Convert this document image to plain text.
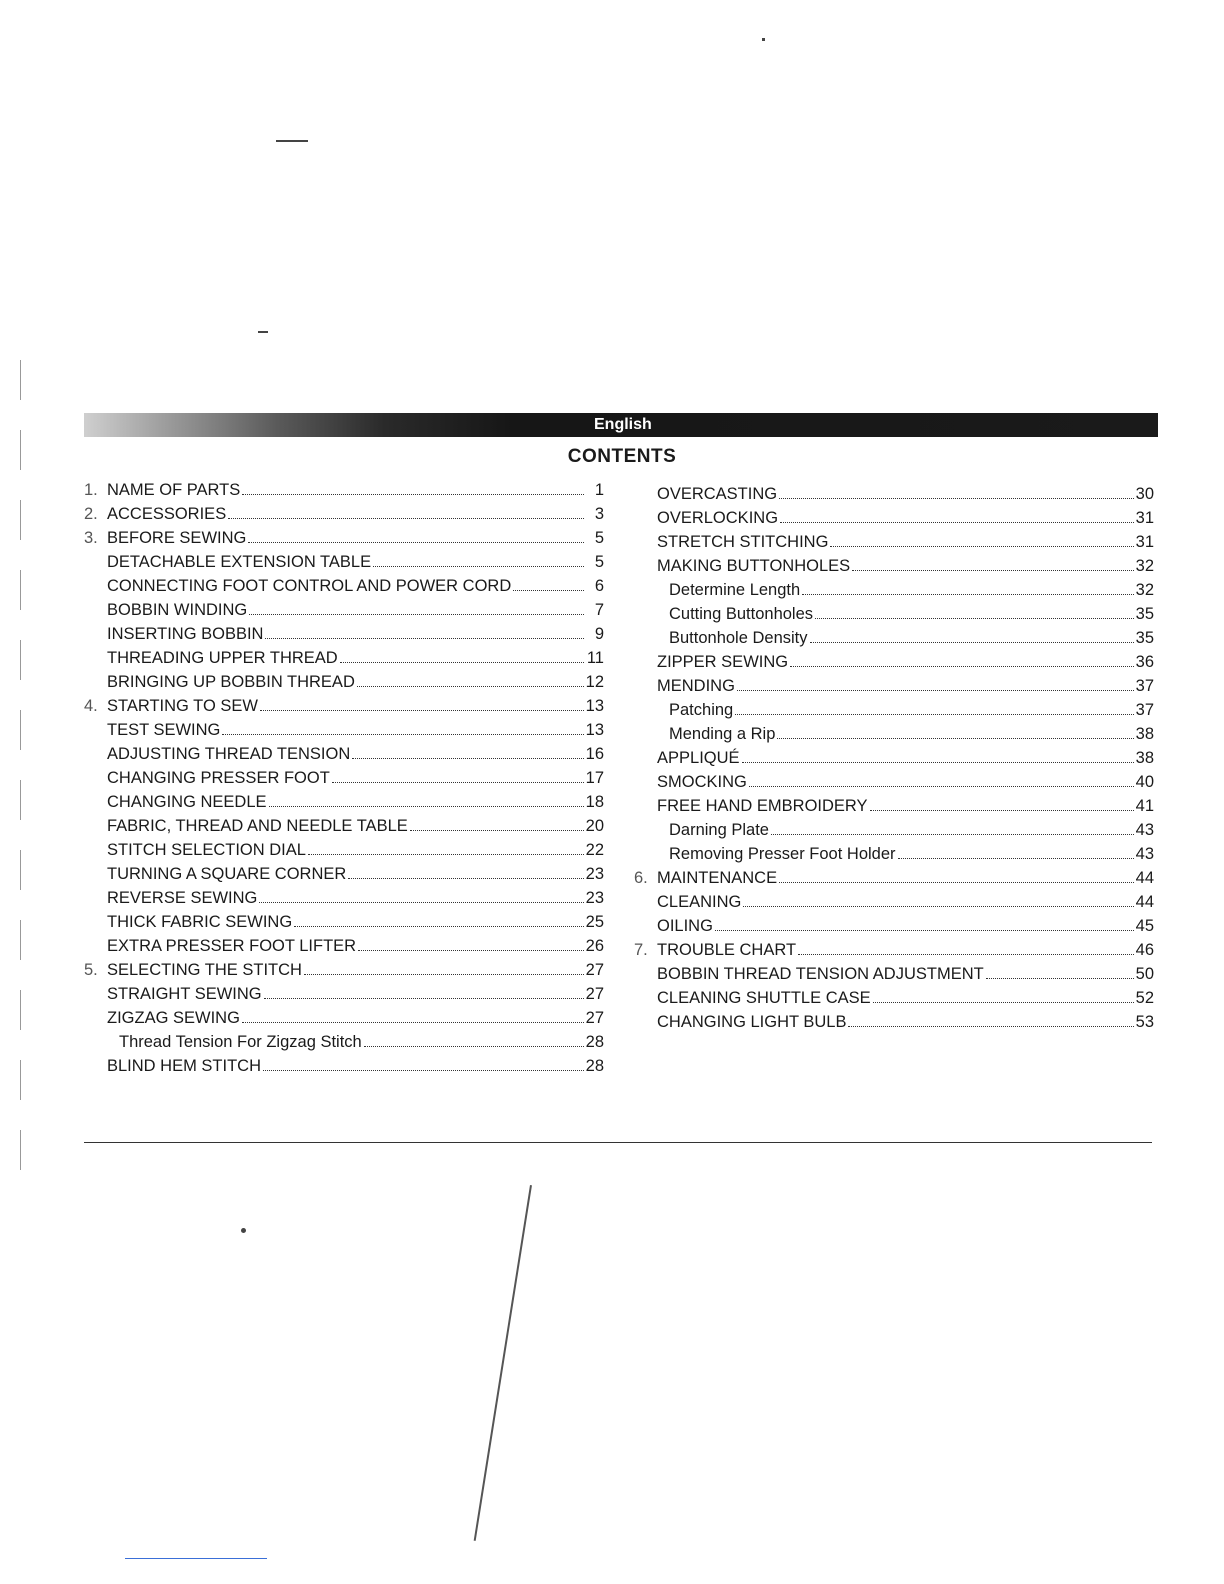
English
CONTENTS
1. NAME OF PARTS	1
2. ACCESSORIES	3
3. BEFORE SEWING	5
DETACHABLE EXTENSION TABLE	5
CONNECTING FOOT CONTROL AND POWER CORD	6
BOBBIN WINDING	7
INSERTING BOBBIN	9
THREADING UPPER THREAD	11
BRINGING UP BOBBIN THREAD	12
4. STARTING TO SEW	13
TEST SEWING	13
ADJUSTING THREAD TENSION	16
CHANGING PRESSER FOOT	17
CHANGING NEEDLE	18
FABRIC, THREAD AND NEEDLE TABLE	20
STITCH SELECTION DIAL	22
TURNING A SQUARE CORNER	23
REVERSE SEWING	23
THICK FABRIC SEWING	25
EXTRA PRESSER FOOT LIFTER	26
5. SELECTING THE STITCH	27
STRAIGHT SEWING	27
ZIGZAG SEWING	27
Thread Tension For Zigzag Stitch	28
BLIND HEM STITCH	28
OVERCASTING	30
OVERLOCKING	31
STRETCH STITCHING	31
MAKING BUTTONHOLES	32
Determine Length	32
Cutting Buttonholes	35
Buttonhole Density	35
ZIPPER SEWING	36
MENDING	37
Patching	37
Mending a Rip	38
APPLIQUÉ	38
SMOCKING	40
FREE HAND EMBROIDERY	41
Darning Plate	43
Removing Presser Foot Holder	43
6. MAINTENANCE	44
CLEANING	44
OILING	45
7. TROUBLE CHART	46
BOBBIN THREAD TENSION ADJUSTMENT	50
CLEANING SHUTTLE CASE	52
CHANGING LIGHT BULB	53
